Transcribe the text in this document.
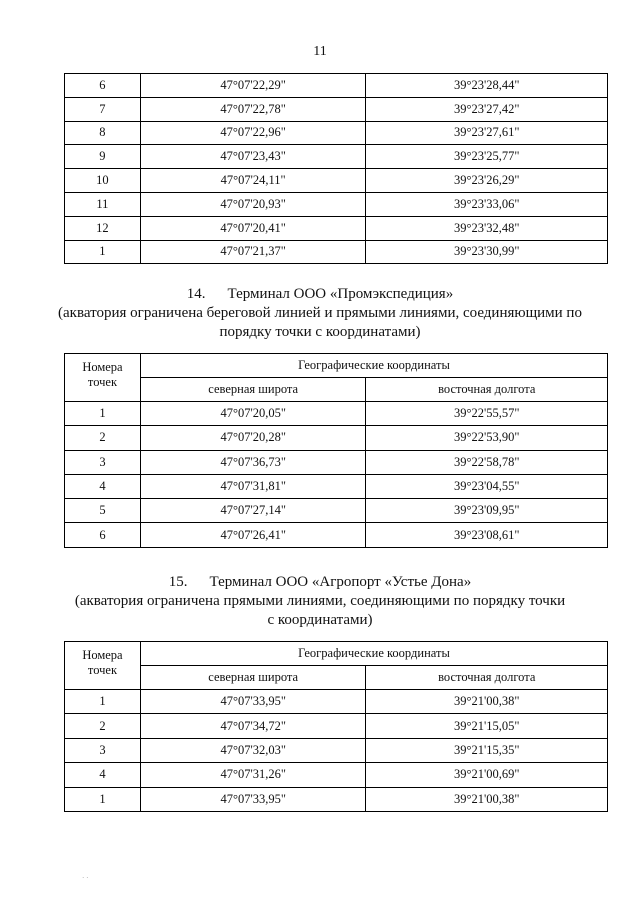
11
6	47°07'22,29"	39°23'28,44"
7	47°07'22,78"	39°23'27,42"
8	47°07'22,96"	39°23'27,61"
9	47°07'23,43"	39°23'25,77"
10	47°07'24,11"	39°23'26,29"
11	47°07'20,93"	39°23'33,06"
12	47°07'20,41"	39°23'32,48"
1	47°07'21,37"	39°23'30,99"
14. Терминал ООО «Промэкспедиция»
(акватория ограничена береговой линией и прямыми линиями, соединяющими по
порядку точки с координатами)
Номера точек	Географические координаты	
	северная широта	восточная долгота
1	47°07'20,05"	39°22'55,57"
2	47°07'20,28"	39°22'53,90"
3	47°07'36,73"	39°22'58,78"
4	47°07'31,81"	39°23'04,55"
5	47°07'27,14"	39°23'09,95"
6	47°07'26,41"	39°23'08,61"
15. Терминал ООО «Агропорт «Устье Дона»
(акватория ограничена прямыми линиями, соединяющими по порядку точки
с координатами)
Номера точек	Географические координаты	
	северная широта	восточная долгота
1	47°07'33,95"	39°21'00,38"
2	47°07'34,72"	39°21'15,05"
3	47°07'32,03"	39°21'15,35"
4	47°07'31,26"	39°21'00,69"
1	47°07'33,95"	39°21'00,38"
· ·
